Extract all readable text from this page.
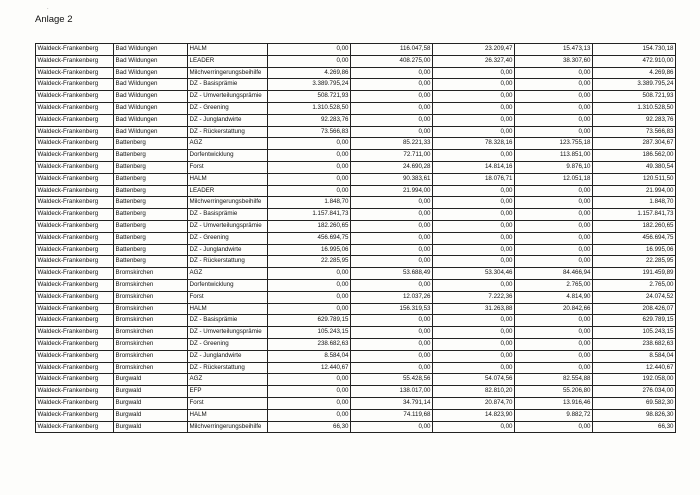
·
Anlage 2
Waldeck-Frankenberg	Bad Wildungen	HALM	0,00	116.047,58	23.209,47	15.473,13	154.730,18
Waldeck-Frankenberg	Bad Wildungen	LEADER	0,00	408.275,00	26.327,40	38.307,60	472.910,00
Waldeck-Frankenberg	Bad Wildungen	Milchverringerungsbeihilfe	4.269,86	0,00	0,00	0,00	4.269,86
Waldeck-Frankenberg	Bad Wildungen	DZ - Basisprämie	3.389.795,24	0,00	0,00	0,00	3.389.795,24
Waldeck-Frankenberg	Bad Wildungen	DZ - Umverteilungsprämie	508.721,93	0,00	0,00	0,00	508.721,93
Waldeck-Frankenberg	Bad Wildungen	DZ - Greening	1.310.528,50	0,00	0,00	0,00	1.310.528,50
Waldeck-Frankenberg	Bad Wildungen	DZ - Junglandwirte	92.283,76	0,00	0,00	0,00	92.283,76
Waldeck-Frankenberg	Bad Wildungen	DZ - Rückerstattung	73.566,83	0,00	0,00	0,00	73.566,83
Waldeck-Frankenberg	Battenberg	AGZ	0,00	85.221,33	78.328,16	123.755,18	287.304,67
Waldeck-Frankenberg	Battenberg	Dorfentwicklung	0,00	72.711,00	0,00	113.851,00	186.562,00
Waldeck-Frankenberg	Battenberg	Forst	0,00	24.690,28	14.814,16	9.876,10	49.380,54
Waldeck-Frankenberg	Battenberg	HALM	0,00	90.383,61	18.076,71	12.051,18	120.511,50
Waldeck-Frankenberg	Battenberg	LEADER	0,00	21.994,00	0,00	0,00	21.994,00
Waldeck-Frankenberg	Battenberg	Milchverringerungsbeihilfe	1.848,70	0,00	0,00	0,00	1.848,70
Waldeck-Frankenberg	Battenberg	DZ - Basisprämie	1.157.841,73	0,00	0,00	0,00	1.157.841,73
Waldeck-Frankenberg	Battenberg	DZ - Umverteilungsprämie	182.260,65	0,00	0,00	0,00	182.260,65
Waldeck-Frankenberg	Battenberg	DZ - Greening	456.694,75	0,00	0,00	0,00	456.694,75
Waldeck-Frankenberg	Battenberg	DZ - Junglandwirte	16.995,06	0,00	0,00	0,00	16.995,06
Waldeck-Frankenberg	Battenberg	DZ - Rückerstattung	22.285,95	0,00	0,00	0,00	22.285,95
Waldeck-Frankenberg	Bromskirchen	AGZ	0,00	53.688,49	53.304,46	84.466,94	191.459,89
Waldeck-Frankenberg	Bromskirchen	Dorfentwicklung	0,00	0,00	0,00	2.765,00	2.765,00
Waldeck-Frankenberg	Bromskirchen	Forst	0,00	12.037,26	7.222,36	4.814,90	24.074,52
Waldeck-Frankenberg	Bromskirchen	HALM	0,00	156.319,53	31.263,88	20.842,66	208.426,07
Waldeck-Frankenberg	Bromskirchen	DZ - Basisprämie	629.789,15	0,00	0,00	0,00	629.789,15
Waldeck-Frankenberg	Bromskirchen	DZ - Umverteilungsprämie	105.243,15	0,00	0,00	0,00	105.243,15
Waldeck-Frankenberg	Bromskirchen	DZ - Greening	238.682,63	0,00	0,00	0,00	238.682,63
Waldeck-Frankenberg	Bromskirchen	DZ - Junglandwirte	8.584,04	0,00	0,00	0,00	8.584,04
Waldeck-Frankenberg	Bromskirchen	DZ - Rückerstattung	12.440,67	0,00	0,00	0,00	12.440,67
Waldeck-Frankenberg	Burgwald	AGZ	0,00	55.428,56	54.074,56	82.554,88	192.058,00
Waldeck-Frankenberg	Burgwald	EFP	0,00	138.017,00	82.810,20	55.206,80	276.034,00
Waldeck-Frankenberg	Burgwald	Forst	0,00	34.791,14	20.874,70	13.916,46	69.582,30
Waldeck-Frankenberg	Burgwald	HALM	0,00	74.119,68	14.823,90	9.882,72	98.826,30
Waldeck-Frankenberg	Burgwald	Milchverringerungsbeihilfe	66,30	0,00	0,00	0,00	66,30
